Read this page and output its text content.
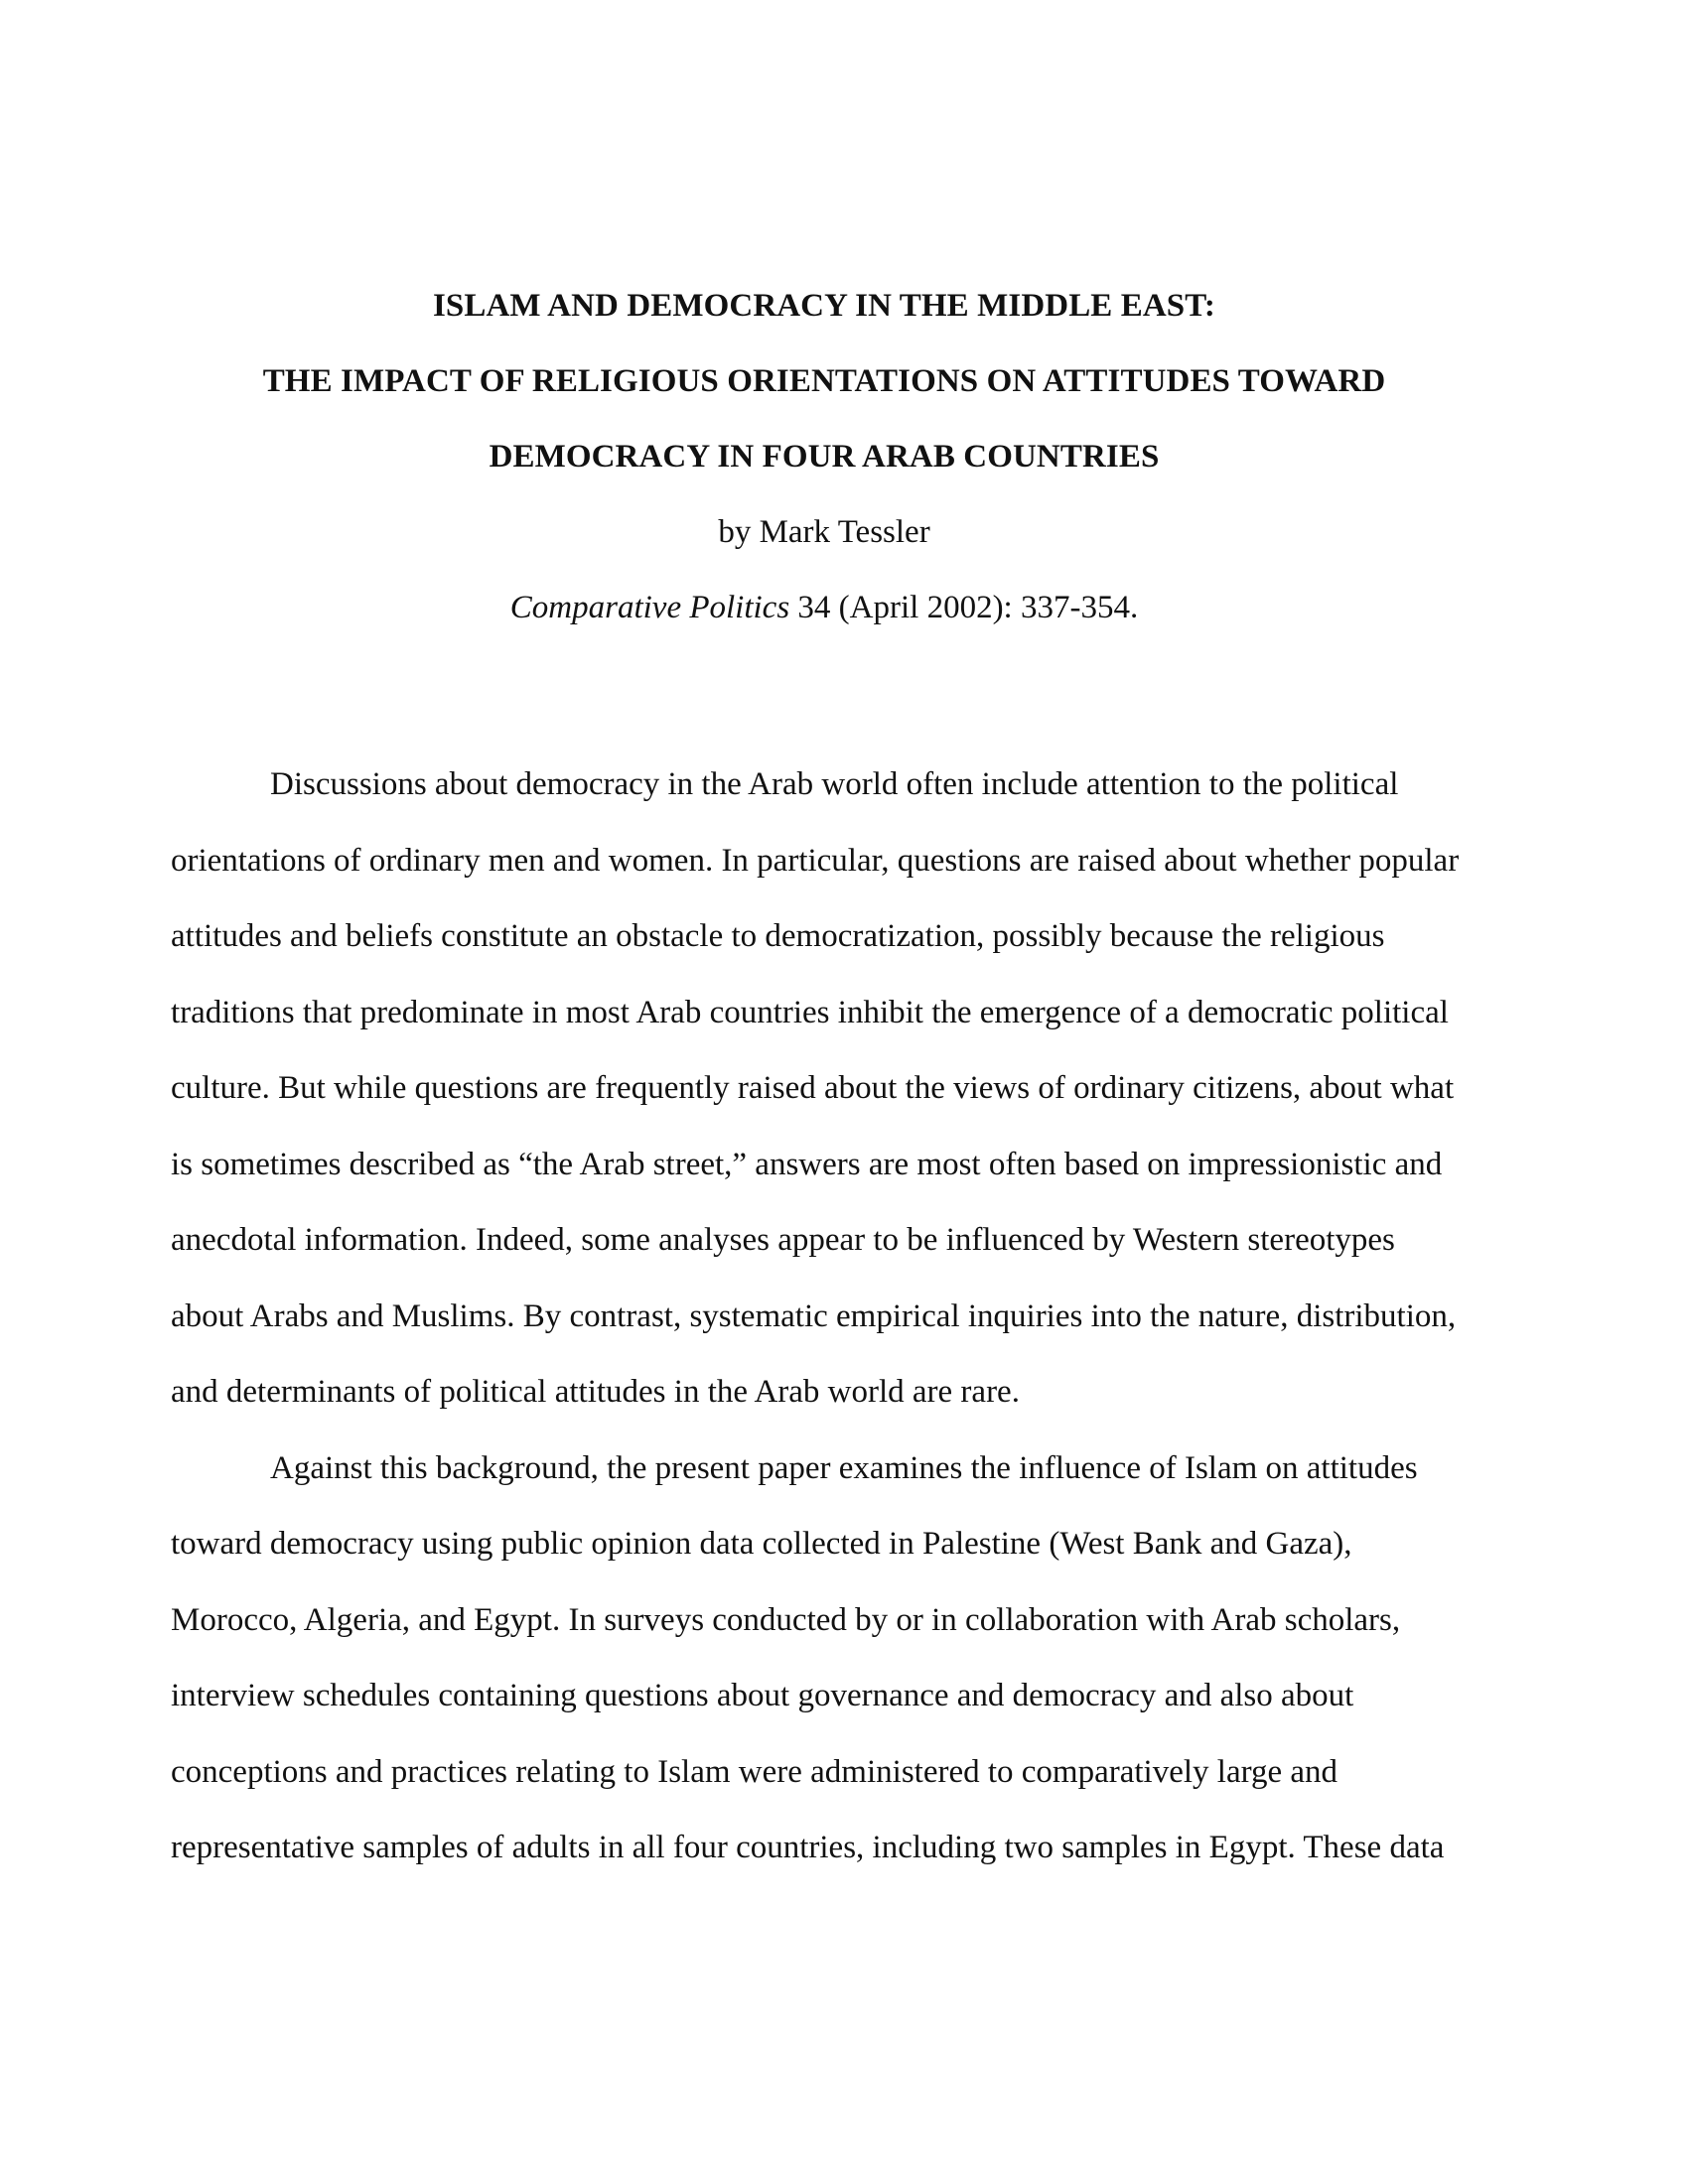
ISLAM AND DEMOCRACY IN THE MIDDLE EAST:
THE IMPACT OF RELIGIOUS ORIENTATIONS ON ATTITUDES TOWARD
DEMOCRACY IN FOUR ARAB COUNTRIES
by Mark Tessler
Comparative Politics 34 (April 2002): 337-354.
Discussions about democracy in the Arab world often include attention to the political
orientations of ordinary men and women. In particular, questions are raised about whether popular
attitudes and beliefs constitute an obstacle to democratization, possibly because the religious
traditions that predominate in most Arab countries inhibit the emergence of a democratic political
culture. But while questions are frequently raised about the views of ordinary citizens, about what
is sometimes described as “the Arab street,” answers are most often based on impressionistic and
anecdotal information. Indeed, some analyses appear to be influenced by Western stereotypes
about Arabs and Muslims. By contrast, systematic empirical inquiries into the nature, distribution,
and determinants of political attitudes in the Arab world are rare.
Against this background, the present paper examines the influence of Islam on attitudes
toward democracy using public opinion data collected in Palestine (West Bank and Gaza),
Morocco, Algeria, and Egypt. In surveys conducted by or in collaboration with Arab scholars,
interview schedules containing questions about governance and democracy and also about
conceptions and practices relating to Islam were administered to comparatively large and
representative samples of adults in all four countries, including two samples in Egypt. These data
